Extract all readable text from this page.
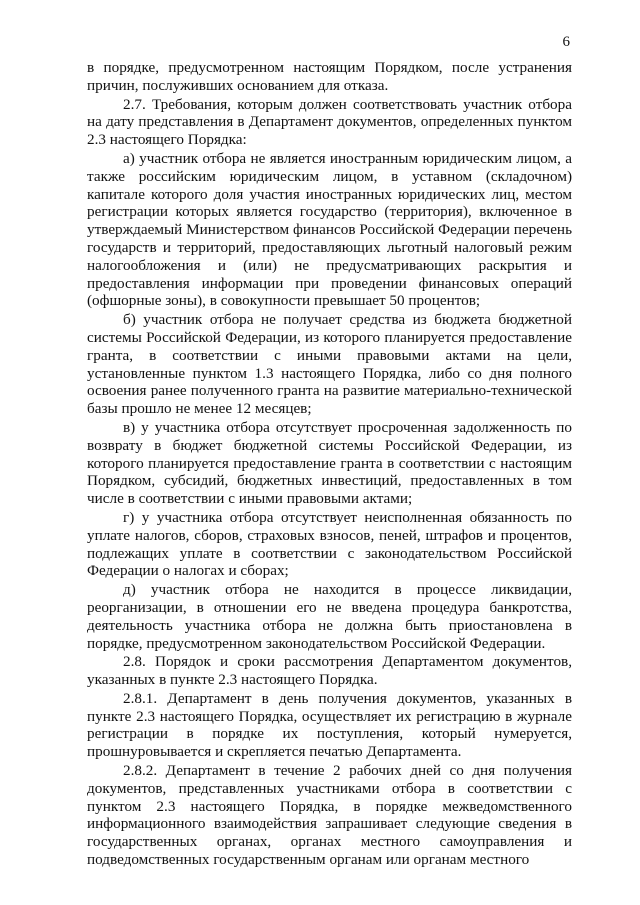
6

в порядке, предусмотренном настоящим Порядком, после устранения причин, послуживших основанием для отказа.

2.7. Требования, которым должен соответствовать участник отбора на дату представления в Департамент документов, определенных пунктом 2.3 настоящего Порядка:

а) участник отбора не является иностранным юридическим лицом, а также российским юридическим лицом, в уставном (складочном) капитале которого доля участия иностранных юридических лиц, местом регистрации которых является государство (территория), включенное в утверждаемый Министерством финансов Российской Федерации перечень государств и территорий, предоставляющих льготный налоговый режим налогообложения и (или) не предусматривающих раскрытия и предоставления информации при проведении финансовых операций (офшорные зоны), в совокупности превышает 50 процентов;

б) участник отбора не получает средства из бюджета бюджетной системы Российской Федерации, из которого планируется предоставление гранта, в соответствии с иными правовыми актами на цели, установленные пунктом 1.3 настоящего Порядка, либо со дня полного освоения ранее полученного гранта на развитие материально-технической базы прошло не менее 12 месяцев;

в) у участника отбора отсутствует просроченная задолженность по возврату в бюджет бюджетной системы Российской Федерации, из которого планируется предоставление гранта в соответствии с настоящим Порядком, субсидий, бюджетных инвестиций, предоставленных в том числе в соответствии с иными правовыми актами;

г) у участника отбора отсутствует неисполненная обязанность по уплате налогов, сборов, страховых взносов, пеней, штрафов и процентов, подлежащих уплате в соответствии с законодательством Российской Федерации о налогах и сборах;

д) участник отбора не находится в процессе ликвидации, реорганизации, в отношении его не введена процедура банкротства, деятельность участника отбора не должна быть приостановлена в порядке, предусмотренном законодательством Российской Федерации.

2.8. Порядок и сроки рассмотрения Департаментом документов, указанных в пункте 2.3 настоящего Порядка.

2.8.1. Департамент в день получения документов, указанных в пункте 2.3 настоящего Порядка, осуществляет их регистрацию в журнале регистрации в порядке их поступления, который нумеруется, прошнуровывается и скрепляется печатью Департамента.

2.8.2. Департамент в течение 2 рабочих дней со дня получения документов, представленных участниками отбора в соответствии с пунктом 2.3 настоящего Порядка, в порядке межведомственного информационного взаимодействия запрашивает следующие сведения в государственных органах, органах местного самоуправления и подведомственных государственным органам или органам местного
